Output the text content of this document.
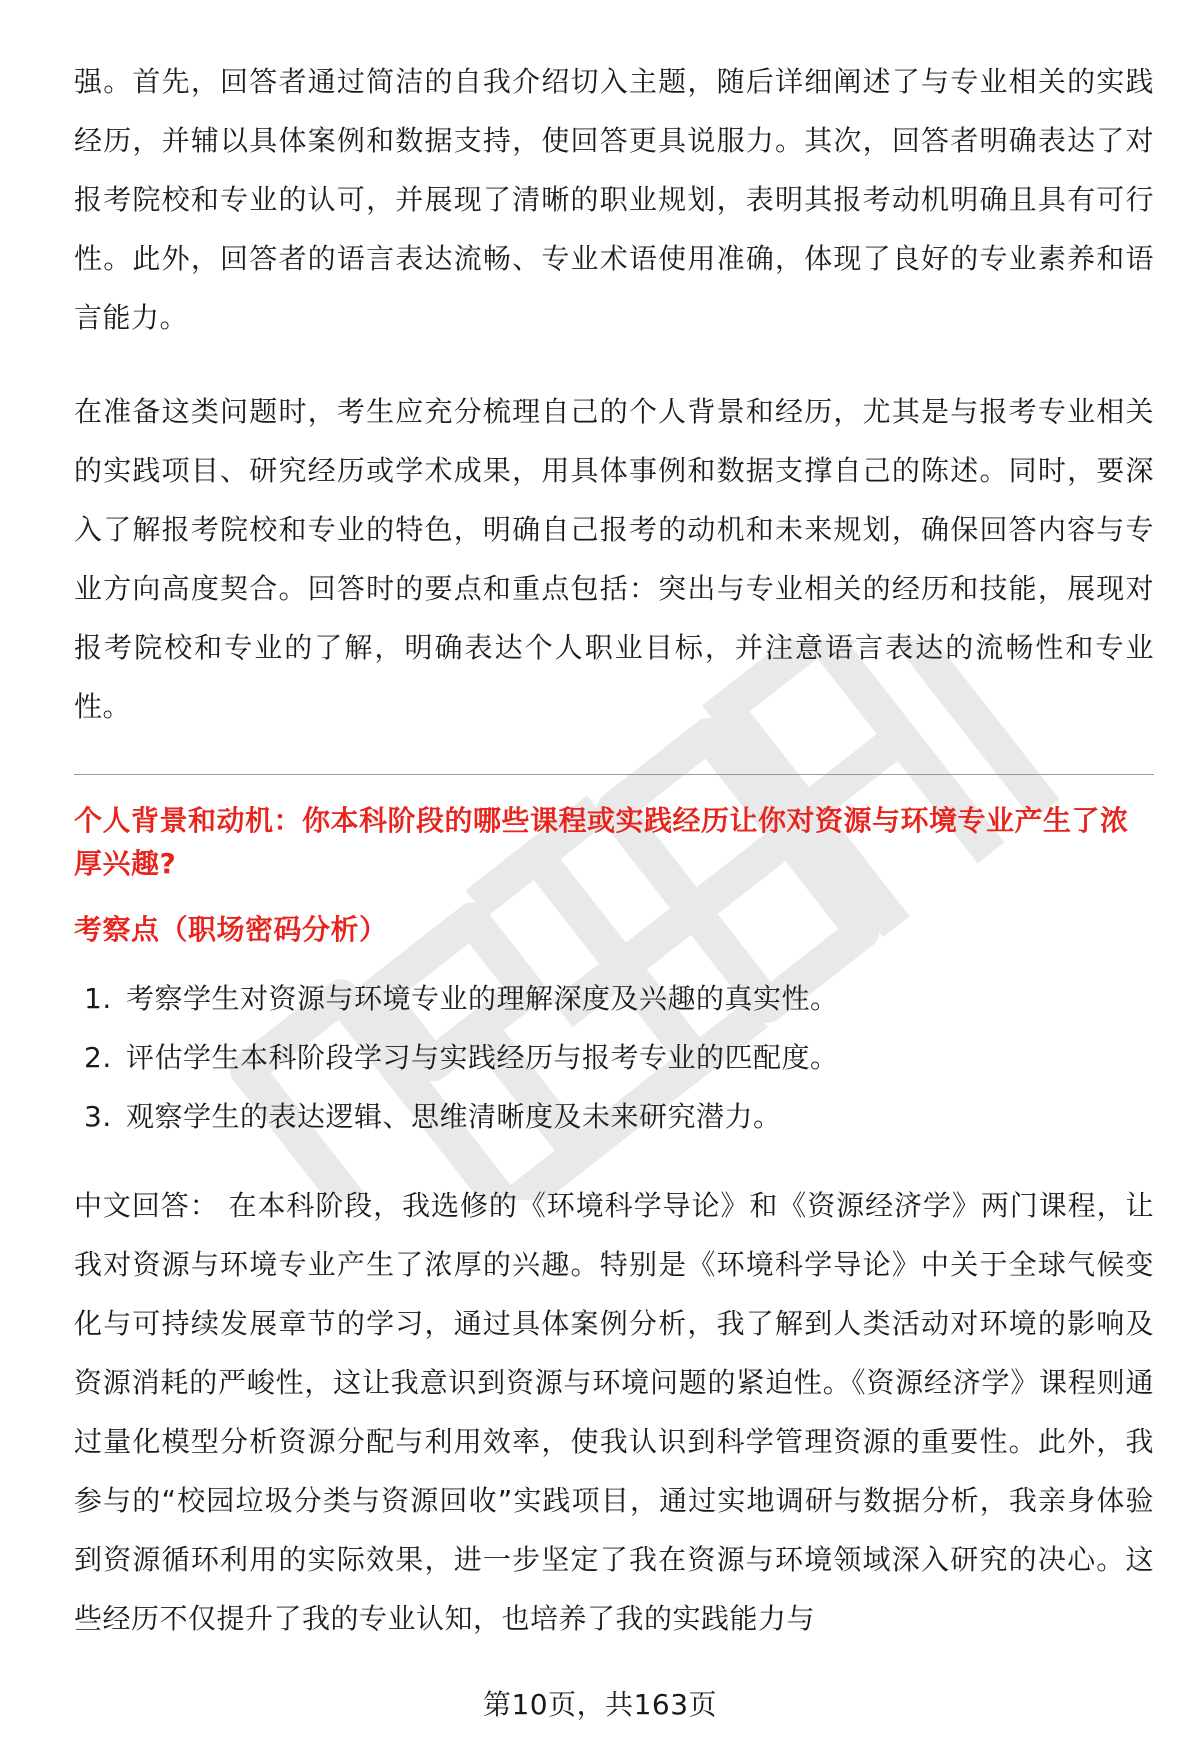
强。首先，回答者通过简洁的自我介绍切入主题，随后详细阐述了与专业相关的实践经历，并辅以具体案例和数据支持，使回答更具说服力。其次，回答者明确表达了对报考院校和专业的认可，并展现了清晰的职业规划，表明其报考动机明确且具有可行性。此外，回答者的语言表达流畅、专业术语使用准确，体现了良好的专业素养和语言能力。

在准备这类问题时，考生应充分梳理自己的个人背景和经历，尤其是与报考专业相关的实践项目、研究经历或学术成果，用具体事例和数据支撑自己的陈述。同时，要深入了解报考院校和专业的特色，明确自己报考的动机和未来规划，确保回答内容与专业方向高度契合。回答时的要点和重点包括：突出与专业相关的经历和技能，展现对报考院校和专业的了解，明确表达个人职业目标，并注意语言表达的流畅性和专业性。

个人背景和动机：你本科阶段的哪些课程或实践经历让你对资源与环境专业产生了浓厚兴趣?

考察点（职场密码分析）

1. 考察学生对资源与环境专业的理解深度及兴趣的真实性。
2. 评估学生本科阶段学习与实践经历与报考专业的匹配度。
3. 观察学生的表达逻辑、思维清晰度及未来研究潜力。

中文回答： 在本科阶段，我选修的《环境科学导论》和《资源经济学》两门课程，让我对资源与环境专业产生了浓厚的兴趣。特别是《环境科学导论》中关于全球气候变化与可持续发展章节的学习，通过具体案例分析，我了解到人类活动对环境的影响及资源消耗的严峻性，这让我意识到资源与环境问题的紧迫性。《资源经济学》课程则通过量化模型分析资源分配与利用效率，使我认识到科学管理资源的重要性。此外，我参与的“校园垃圾分类与资源回收”实践项目，通过实地调研与数据分析，我亲身体验到资源循环利用的实际效果，进一步坚定了我在资源与环境领域深入研究的决心。这些经历不仅提升了我的专业认知，也培养了我的实践能力与

第10页，共163页
